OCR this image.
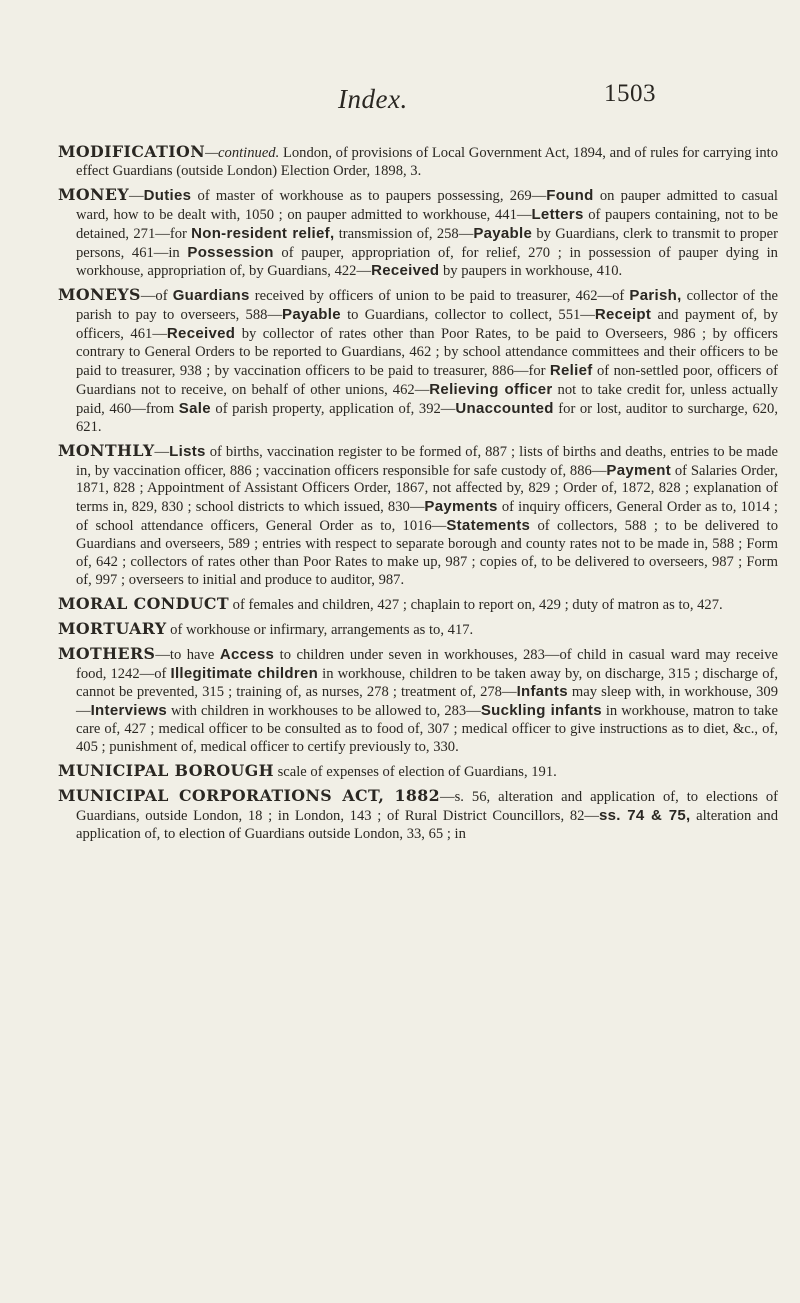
Index.	1503

MODIFICATION—continued. London, of provisions of Local Government Act, 1894, and of rules for carrying into effect Guardians (outside London) Election Order, 1898, 3.

MONEY—Duties of master of workhouse as to paupers possessing, 269—Found on pauper admitted to casual ward, how to be dealt with, 1050 ; on pauper admitted to workhouse, 441—Letters of paupers containing, not to be detained, 271—for Non-resident relief, transmission of, 258—Payable by Guardians, clerk to transmit to proper persons, 461—in Possession of pauper, appropriation of, for relief, 270 ; in possession of pauper dying in workhouse, appropriation of, by Guardians, 422—Received by paupers in workhouse, 410.

MONEYS—of Guardians received by officers of union to be paid to treasurer, 462—of Parish, collector of the parish to pay to overseers, 588—Payable to Guardians, collector to collect, 551—Receipt and payment of, by officers, 461—Received by collector of rates other than Poor Rates, to be paid to Overseers, 986 ; by officers contrary to General Orders to be reported to Guardians, 462 ; by school attendance committees and their officers to be paid to treasurer, 938 ; by vaccination officers to be paid to treasurer, 886—for Relief of non-settled poor, officers of Guardians not to receive, on behalf of other unions, 462—Relieving officer not to take credit for, unless actually paid, 460—from Sale of parish property, application of, 392—Unaccounted for or lost, auditor to surcharge, 620, 621.

MONTHLY—Lists of births, vaccination register to be formed of, 887 ; lists of births and deaths, entries to be made in, by vaccination officer, 886 ; vaccination officers responsible for safe custody of, 886—Payment of Salaries Order, 1871, 828 ; Appointment of Assistant Officers Order, 1867, not affected by, 829 ; Order of, 1872, 828 ; explanation of terms in, 829, 830 ; school districts to which issued, 830—Payments of inquiry officers, General Order as to, 1014 ; of school attendance officers, General Order as to, 1016—Statements of collectors, 588 ; to be delivered to Guardians and overseers, 589 ; entries with respect to separate borough and county rates not to be made in, 588 ; Form of, 642 ; collectors of rates other than Poor Rates to make up, 987 ; copies of, to be delivered to overseers, 987 ; Form of, 997 ; overseers to initial and produce to auditor, 987.

MORAL CONDUCT of females and children, 427 ; chaplain to report on, 429 ; duty of matron as to, 427.

MORTUARY of workhouse or infirmary, arrangements as to, 417.

MOTHERS—to have Access to children under seven in workhouses, 283—of child in casual ward may receive food, 1242—of Illegitimate children in workhouse, children to be taken away by, on discharge, 315 ; discharge of, cannot be prevented, 315 ; training of, as nurses, 278 ; treatment of, 278—Infants may sleep with, in workhouse, 309—Interviews with children in workhouses to be allowed to, 283—Suckling infants in workhouse, matron to take care of, 427 ; medical officer to be consulted as to food of, 307 ; medical officer to give instructions as to diet, &c., of, 405 ; punishment of, medical officer to certify previously to, 330.

MUNICIPAL BOROUGH scale of expenses of election of Guardians, 191.

MUNICIPAL CORPORATIONS ACT, 1882—s. 56, alteration and application of, to elections of Guardians, outside London, 18 ; in London, 143 ; of Rural District Councillors, 82—ss. 74 & 75, alteration and application of, to election of Guardians outside London, 33, 65 ; in
